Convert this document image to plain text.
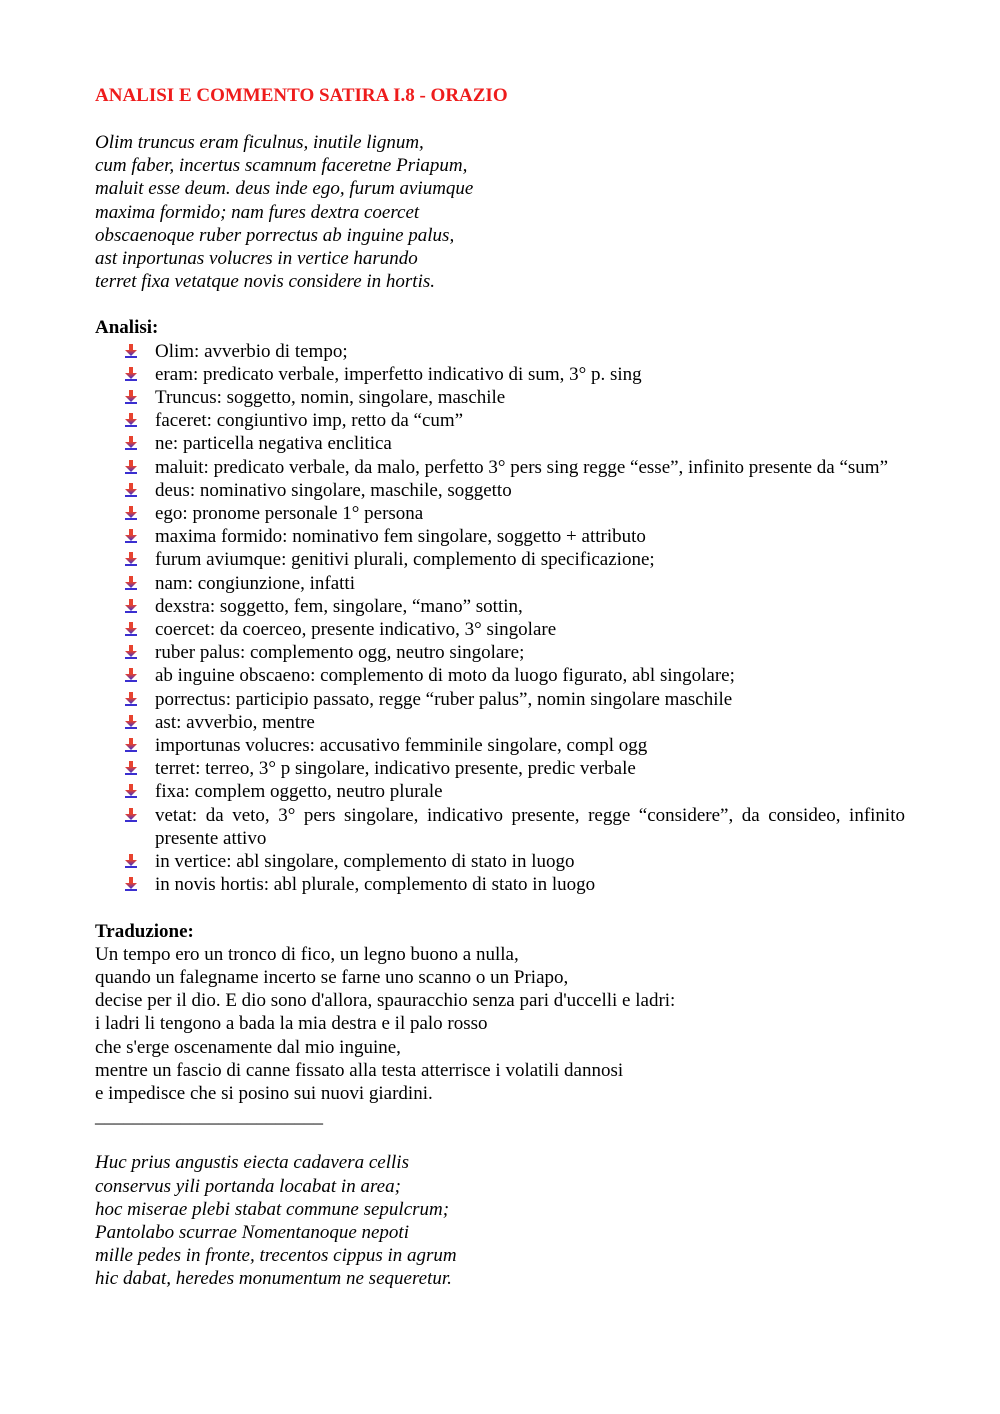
ANALISI E COMMENTO SATIRA I.8 - ORAZIO
Olim truncus eram ficulnus, inutile lignum,
cum faber, incertus scamnum faceretne Priapum,
maluit esse deum. deus inde ego, furum aviumque
maxima formido; nam fures dextra coercet
obscaenoque ruber porrectus ab inguine palus,
ast inportunas volucres in vertice harundo
terret fixa vetatque novis considere in hortis.
Analisi:
Olim: avverbio di tempo;
eram: predicato verbale, imperfetto indicativo di sum, 3° p. sing
Truncus: soggetto, nomin, singolare, maschile
faceret: congiuntivo imp, retto da “cum”
ne: particella negativa enclitica
maluit: predicato verbale, da malo, perfetto 3° pers sing regge “esse”, infinito presente da “sum”
deus: nominativo singolare, maschile, soggetto
ego: pronome personale 1° persona
maxima formido: nominativo fem singolare, soggetto + attributo
furum aviumque: genitivi plurali, complemento di specificazione;
nam: congiunzione, infatti
dexstra: soggetto, fem, singolare, “mano” sottin,
coercet: da coerceo, presente indicativo, 3° singolare
ruber palus: complemento ogg, neutro singolare;
ab inguine obscaeno: complemento di moto da luogo figurato, abl singolare;
porrectus: participio passato, regge “ruber palus”, nomin singolare maschile
ast: avverbio, mentre
importunas volucres: accusativo femminile singolare, compl ogg
terret: terreo, 3° p singolare, indicativo presente, predic verbale
fixa: complem oggetto, neutro plurale
vetat: da veto, 3° pers singolare, indicativo presente, regge “considere”, da consideo, infinito presente attivo
in vertice: abl singolare, complemento di stato in luogo
in novis hortis: abl plurale, complemento di stato in luogo
Traduzione:
Un tempo ero un tronco di fico, un legno buono a nulla,
quando un falegname incerto se farne uno scanno o un Priapo,
decise per il dio. E dio sono d'allora, spauracchio senza pari d'uccelli e ladri:
i ladri li tengono a bada la mia destra e il palo rosso
che s'erge oscenamente dal mio inguine,
mentre un fascio di canne fissato alla testa atterrisce i volatili dannosi
e impedisce che si posino sui nuovi giardini.
________________________
Huc prius angustis eiecta cadavera cellis
conservus yili portanda locabat in area;
hoc miserae plebi stabat commune sepulcrum;
Pantolabo scurrae Nomentanoque nepoti
mille pedes in fronte, trecentos cippus in agrum
hic dabat, heredes monumentum ne sequeretur.
